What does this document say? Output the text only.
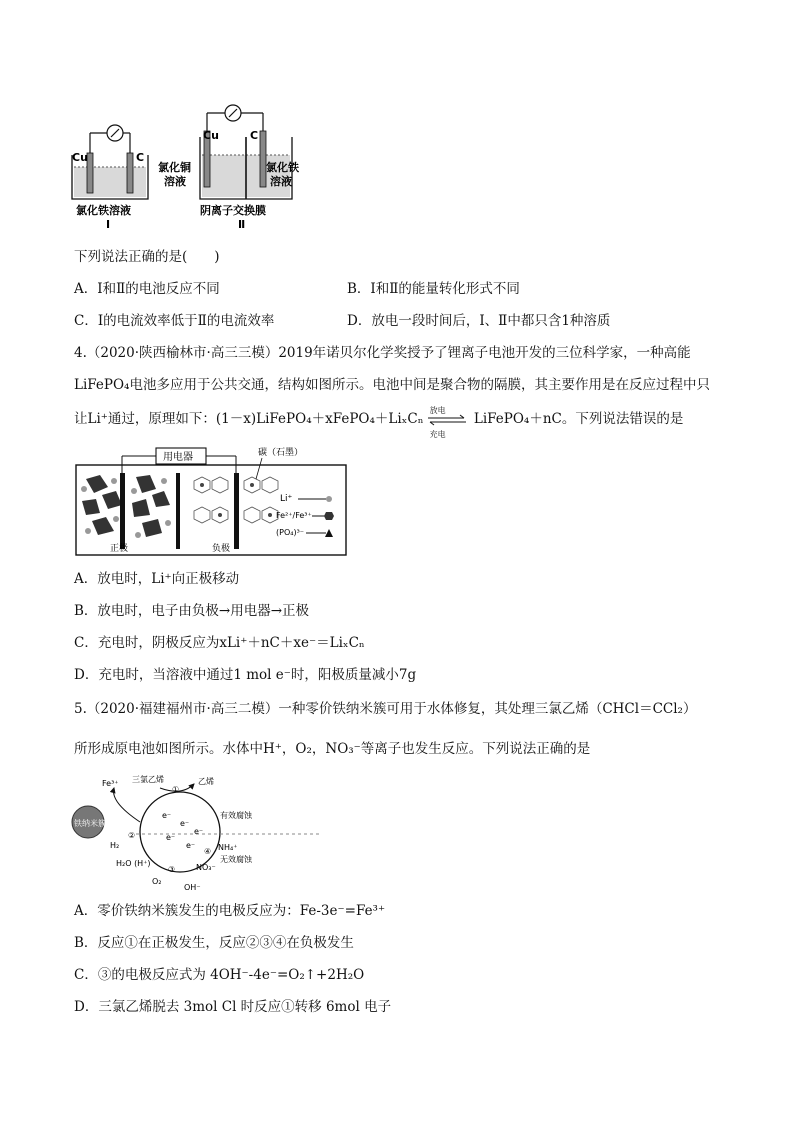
Cu	C
氯化铁溶液
Ⅰ
Cu	C
氯化铜
溶液
氯化铁
溶液
阴离子交换膜
Ⅱ
下列说法正确的是(　　)
A．Ⅰ和Ⅱ的电池反应不同	B．Ⅰ和Ⅱ的能量转化形式不同
C．Ⅰ的电流效率低于Ⅱ的电流效率	D．放电一段时间后，Ⅰ、Ⅱ中都只含1种溶质
4.（2020·陕西榆林市·高三三模）2019年诺贝尔化学奖授予了锂离子电池开发的三位科学家，一种高能
LiFePO₄电池多应用于公共交通，结构如图所示。电池中间是聚合物的隔膜，其主要作用是在反应过程中只
让Li⁺通过，原理如下：(1－x)LiFePO₄＋xFePO₄＋LiₓCₙ
放电
充电
LiFePO₄＋nC。下列说法错误的是
用电器	碳（石墨）
正极	负极
Li⁺
Fe²⁺/Fe³⁺
(PO₄)³⁻
A．放电时，Li⁺向正极移动
B．放电时，电子由负极→用电器→正极
C．充电时，阴极反应为xLi⁺＋nC＋xe⁻＝LiₓCₙ
D．充电时，当溶液中通过1 mol e⁻时，阳极质量减小7g
5.（2020·福建福州市·高三二模）一种零价铁纳米簇可用于水体修复，其处理三氯乙烯（CHCl＝CCl₂）
所形成原电池如图所示。水体中H⁺，O₂，NO₃⁻等离子也发生反应。下列说法正确的是
铁纳米簇
有效腐蚀
无效腐蚀
Fe³⁺ 三氯乙烯
①
乙烯
②
H₂
H₂O (H⁺)
③
O₂
OH⁻
④ NH₄⁺
NO₃⁻
e⁻
e⁻
e⁻
e⁻
e⁻
A．零价铁纳米簇发生的电极反应为：Fe-3e⁻=Fe³⁺
B．反应①在正极发生，反应②③④在负极发生
C．③的电极反应式为 4OH⁻-4e⁻=O₂↑+2H₂O
D．三氯乙烯脱去 3mol Cl 时反应①转移 6mol 电子
